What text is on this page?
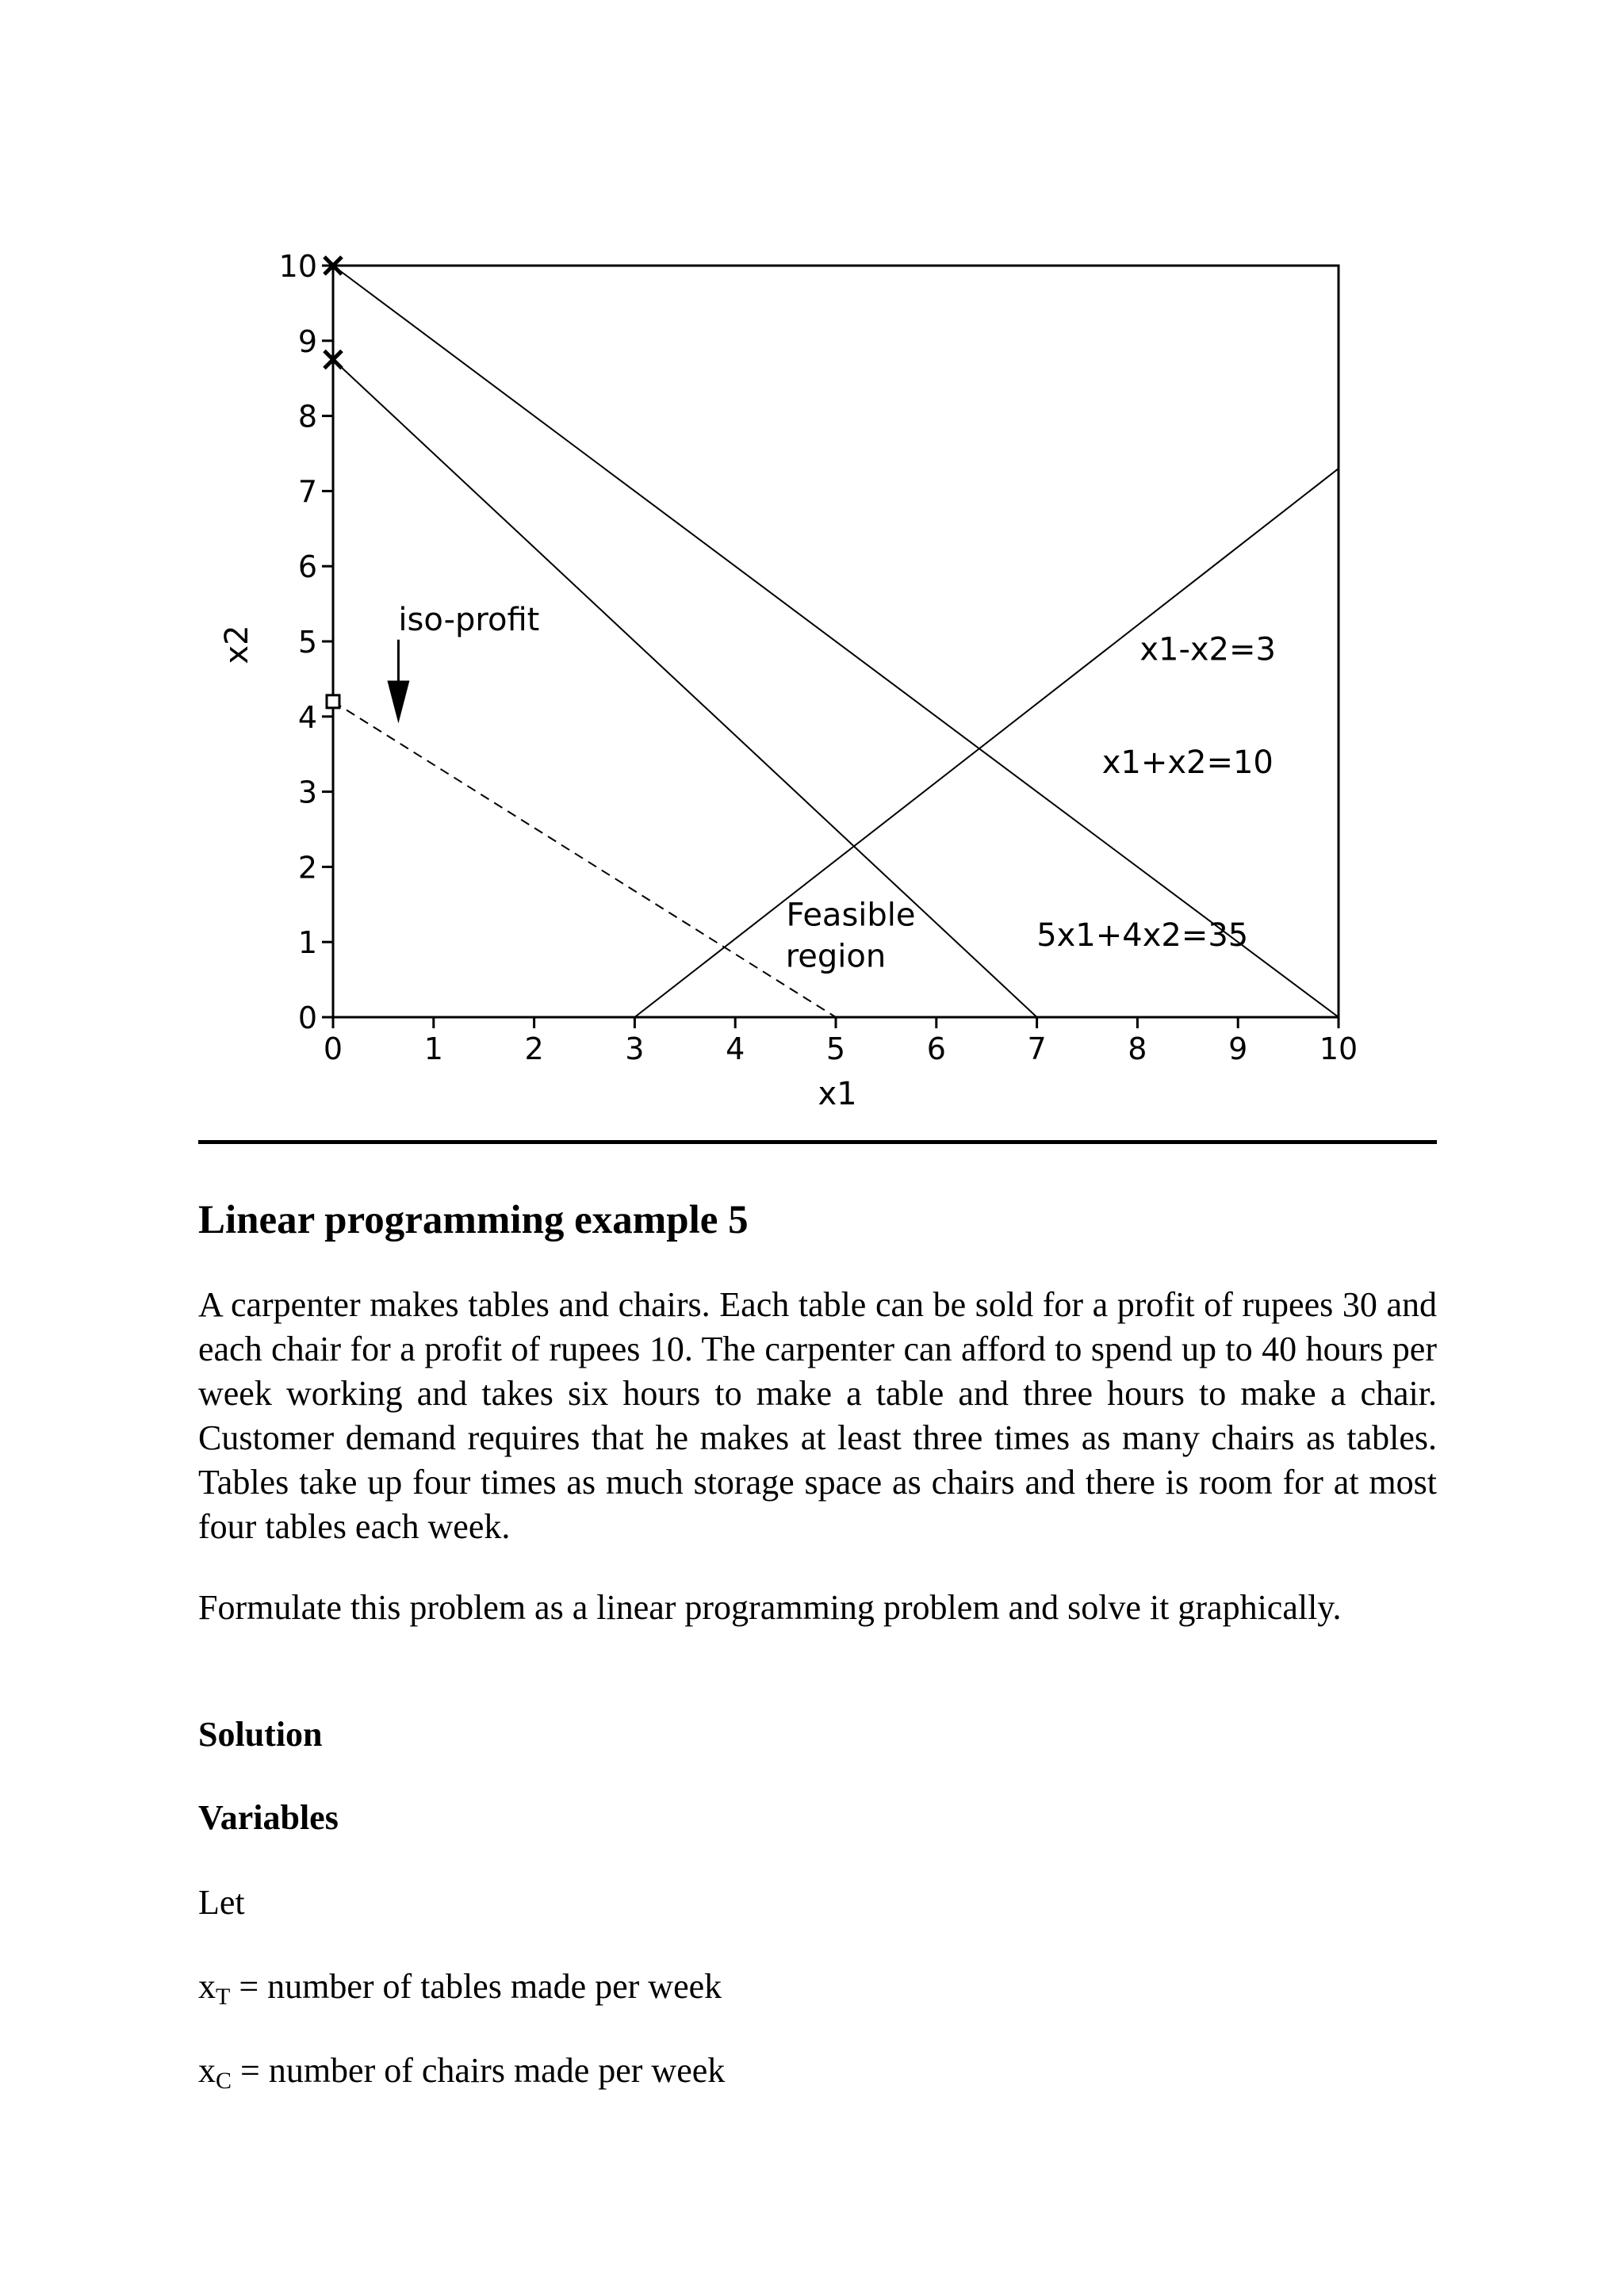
0	1	2	3	4	5	6	7	8	9 10
0
1
2
3
4
5
6
7
8
9
10
x1
x2
iso-profit
x1-x2=3
x1+x2=10
5x1+4x2=35
Feasible
region
Linear programming example 5

A carpenter makes tables and chairs. Each table can be sold for a profit of rupees 30 and each chair for a profit of rupees 10. The carpenter can afford to spend up to 40 hours per week working and takes six hours to make a table and three hours to make a chair. Customer demand requires that he makes at least three times as many chairs as tables. Tables take up four times as much storage space as chairs and there is room for at most four tables each week.

Formulate this problem as a linear programming problem and solve it graphically.

Solution

Variables

Let

$x_T$ = number of tables made per week

$x_C$ = number of chairs made per week
